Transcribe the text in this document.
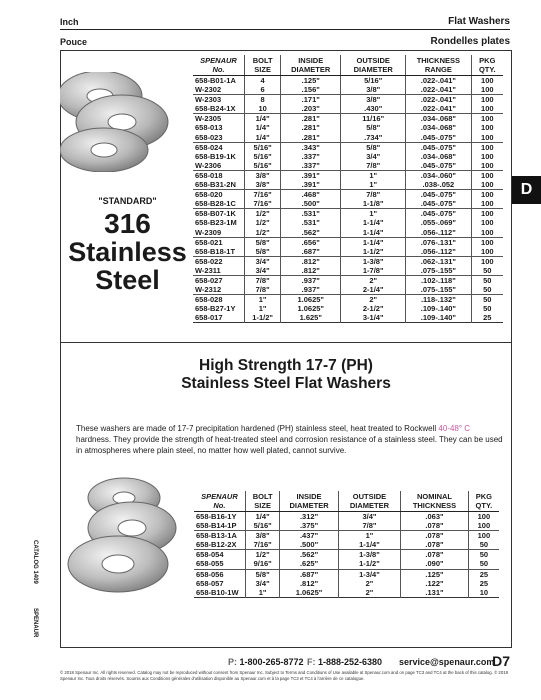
Inch	Flat Washers
Pouce	Rondelles plates
D
"STANDARD"
316
Stainless
Steel
SPENAUR No.	BOLT SIZE	INSIDE DIAMETER	OUTSIDE DIAMETER	THICKNESS RANGE	PKG QTY.
658-B01-1A	4	.125"	5/16"	.022-.041"	100
W-2302	6	.156"	3/8"	.022-.041"	100
W-2303	8	.171"	3/8"	.022-.041"	100
658-B24-1X	10	.203"	.430"	.022-.041"	100
W-2305	1/4"	.281"	11/16"	.034-.068"	100
658-013	1/4"	.281"	5/8"	.034-.068"	100
658-023	1/4"	.281"	.734"	.045-.075"	100
658-024	5/16"	.343"	5/8"	.045-.075"	100
658-B19-1K	5/16"	.337"	3/4"	.034-.068"	100
W-2306	5/16"	.337"	7/8"	.045-.075"	100
658-018	3/8"	.391"	1"	.034-.060"	100
658-B31-2N	3/8"	.391"	1"	.038-.052	100
658-020	7/16"	.468"	7/8"	.045-.075"	100
658-B28-1C	7/16"	.500"	1-1/8"	.045-.075"	100
658-B07-1K	1/2"	.531"	1"	.045-.075"	100
658-B23-1M	1/2"	.531"	1-1/4"	.055-.069"	100
W-2309	1/2"	.562"	1-1/4"	.056-.112"	100
658-021	5/8"	.656"	1-1/4"	.076-.131"	100
658-B18-1T	5/8"	.687"	1-1/2"	.056-.112"	100
658-022	3/4"	.812"	1-3/8"	.062-.131"	100
W-2311	3/4"	.812"	1-7/8"	.075-.155"	50
658-027	7/8"	.937"	2"	.102-.118"	50
W-2312	7/8"	.937"	2-1/4"	.075-.155"	50
658-028	1"	1.0625"	2"	.118-.132"	50
658-B27-1Y	1"	1.0625"	2-1/2"	.109-.140"	50
658-017	1-1/2"	1.625"	3-1/4"	.109-.140"	25
High Strength 17-7 (PH)
Stainless Steel Flat Washers
These washers are made of 17-7 precipitation hardened (PH) stainless steel, heat treated to Rockwell 40-48° C hardness. They provide the strength of heat-treated steel and corrosion resistance of a stainless steel. They can be used in atmospheres where plain steel, no matter how well plated, cannot survive.
SPENAUR No.	BOLT SIZE	INSIDE DIAMETER	OUTSIDE DIAMETER	NOMINAL THICKNESS	PKG QTY.
658-B16-1Y	1/4"	.312"	3/4"	.063"	100
658-B14-1P	5/16"	.375"	7/8"	.078"	100
658-B13-1A	3/8"	.437"	1"	.078"	100
658-B12-2X	7/16"	.500"	1-1/4"	.078"	50
658-054	1/2"	.562"	1-3/8"	.078"	50
658-055	9/16"	.625"	1-1/2"	.090"	50
658-056	5/8"	.687"	1-3/4"	.125"	25
658-057	3/4"	.812"	2"	.122"	25
658-B10-1W	1"	1.0625"	2"	.131"	10
CATALOG 1409
SPENAUR
P: 1-800-265-8772 F: 1-888-252-6380 service@spenaur.com
D7
© 2018 Spenaur Inc. All rights reserved. Catalog may not be reproduced without consent from Spenaur Inc. Subject to Terms and Conditions of Use available at Spenaur.com and on page TC3 and TC4 at the back of this catalog. © 2018 Spenaur Inc. Tous droits réservés. Soumis aux Conditions générales d’utilisation disponible au Spenaur.com et à la page TC3 et TC4 à l’arrière de ce catalogue.
